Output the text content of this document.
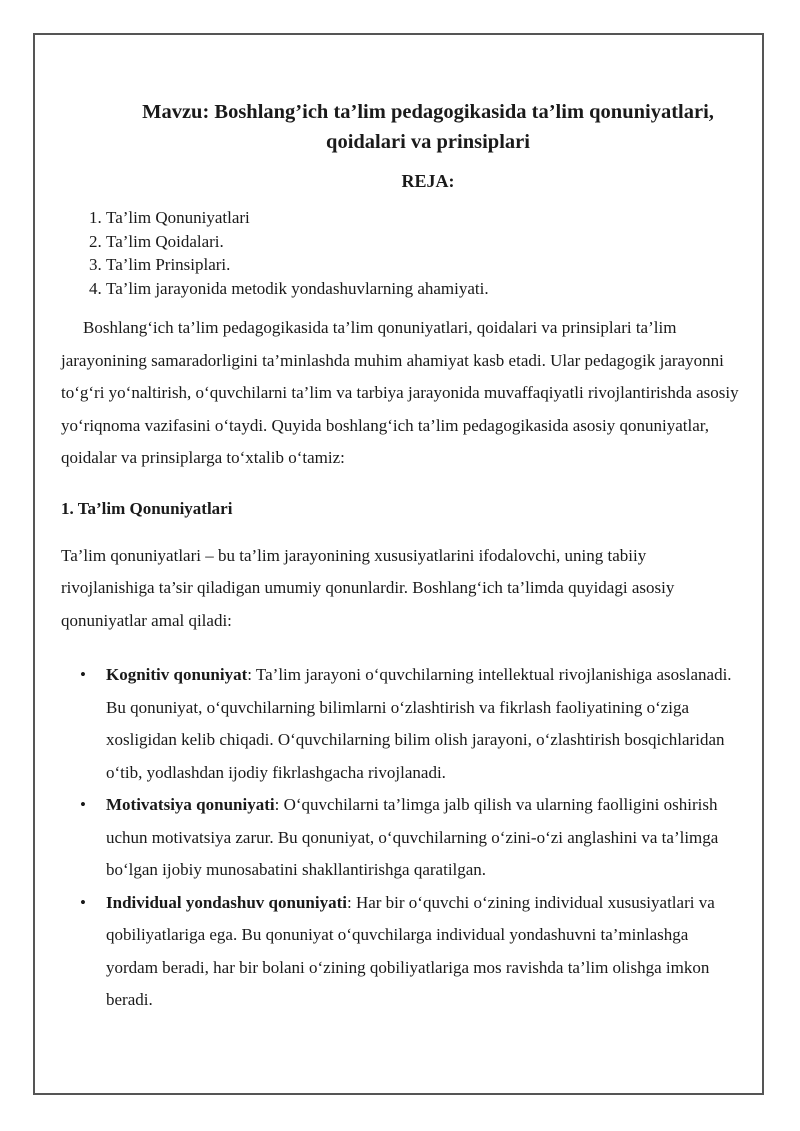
Mavzu: Boshlang’ich ta’lim pedagogikasida ta’lim qonuniyatlari, qoidalari va prinsiplari
REJA:
1. Ta’lim Qonuniyatlari
2. Ta’lim Qoidalari.
3. Ta’lim Prinsiplari.
4. Ta’lim jarayonida metodik yondashuvlarning ahamiyati.

Boshlang‘ich ta’lim pedagogikasida ta’lim qonuniyatlari, qoidalari va prinsiplari ta’lim jarayonining samaradorligini ta’minlashda muhim ahamiyat kasb etadi. Ular pedagogik jarayonni to‘g‘ri yo‘naltirish, o‘quvchilarni ta’lim va tarbiya jarayonida muvaffaqiyatli rivojlantirishda asosiy yo‘riqnoma vazifasini o‘taydi. Quyida boshlang‘ich ta’lim pedagogikasida asosiy qonuniyatlar, qoidalar va prinsiplarga to‘xtalib o‘tamiz:

1. Ta’lim Qonuniyatlari

Ta’lim qonuniyatlari – bu ta’lim jarayonining xususiyatlarini ifodalovchi, uning tabiiy rivojlanishiga ta’sir qiladigan umumiy qonunlardir. Boshlang‘ich ta’limda quyidagi asosiy qonuniyatlar amal qiladi:

• Kognitiv qonuniyat: Ta’lim jarayoni o‘quvchilarning intellektual rivojlanishiga asoslanadi. Bu qonuniyat, o‘quvchilarning bilimlarni o‘zlashtirish va fikrlash faoliyatining o‘ziga xosligidan kelib chiqadi. O‘quvchilarning bilim olish jarayoni, o‘zlashtirish bosqichlaridan o‘tib, yodlashdan ijodiy fikrlashgacha rivojlanadi.
• Motivatsiya qonuniyati: O‘quvchilarni ta’limga jalb qilish va ularning faolligini oshirish uchun motivatsiya zarur. Bu qonuniyat, o‘quvchilarning o‘zini-o‘zi anglashini va ta’limga bo‘lgan ijobiy munosabatini shakllantirishga qaratilgan.
• Individual yondashuv qonuniyati: Har bir o‘quvchi o‘zining individual xususiyatlari va qobiliyatlariga ega. Bu qonuniyat o‘quvchilarga individual yondashuvni ta’minlashga yordam beradi, har bir bolani o‘zining qobiliyatlariga mos ravishda ta’lim olishga imkon beradi.
